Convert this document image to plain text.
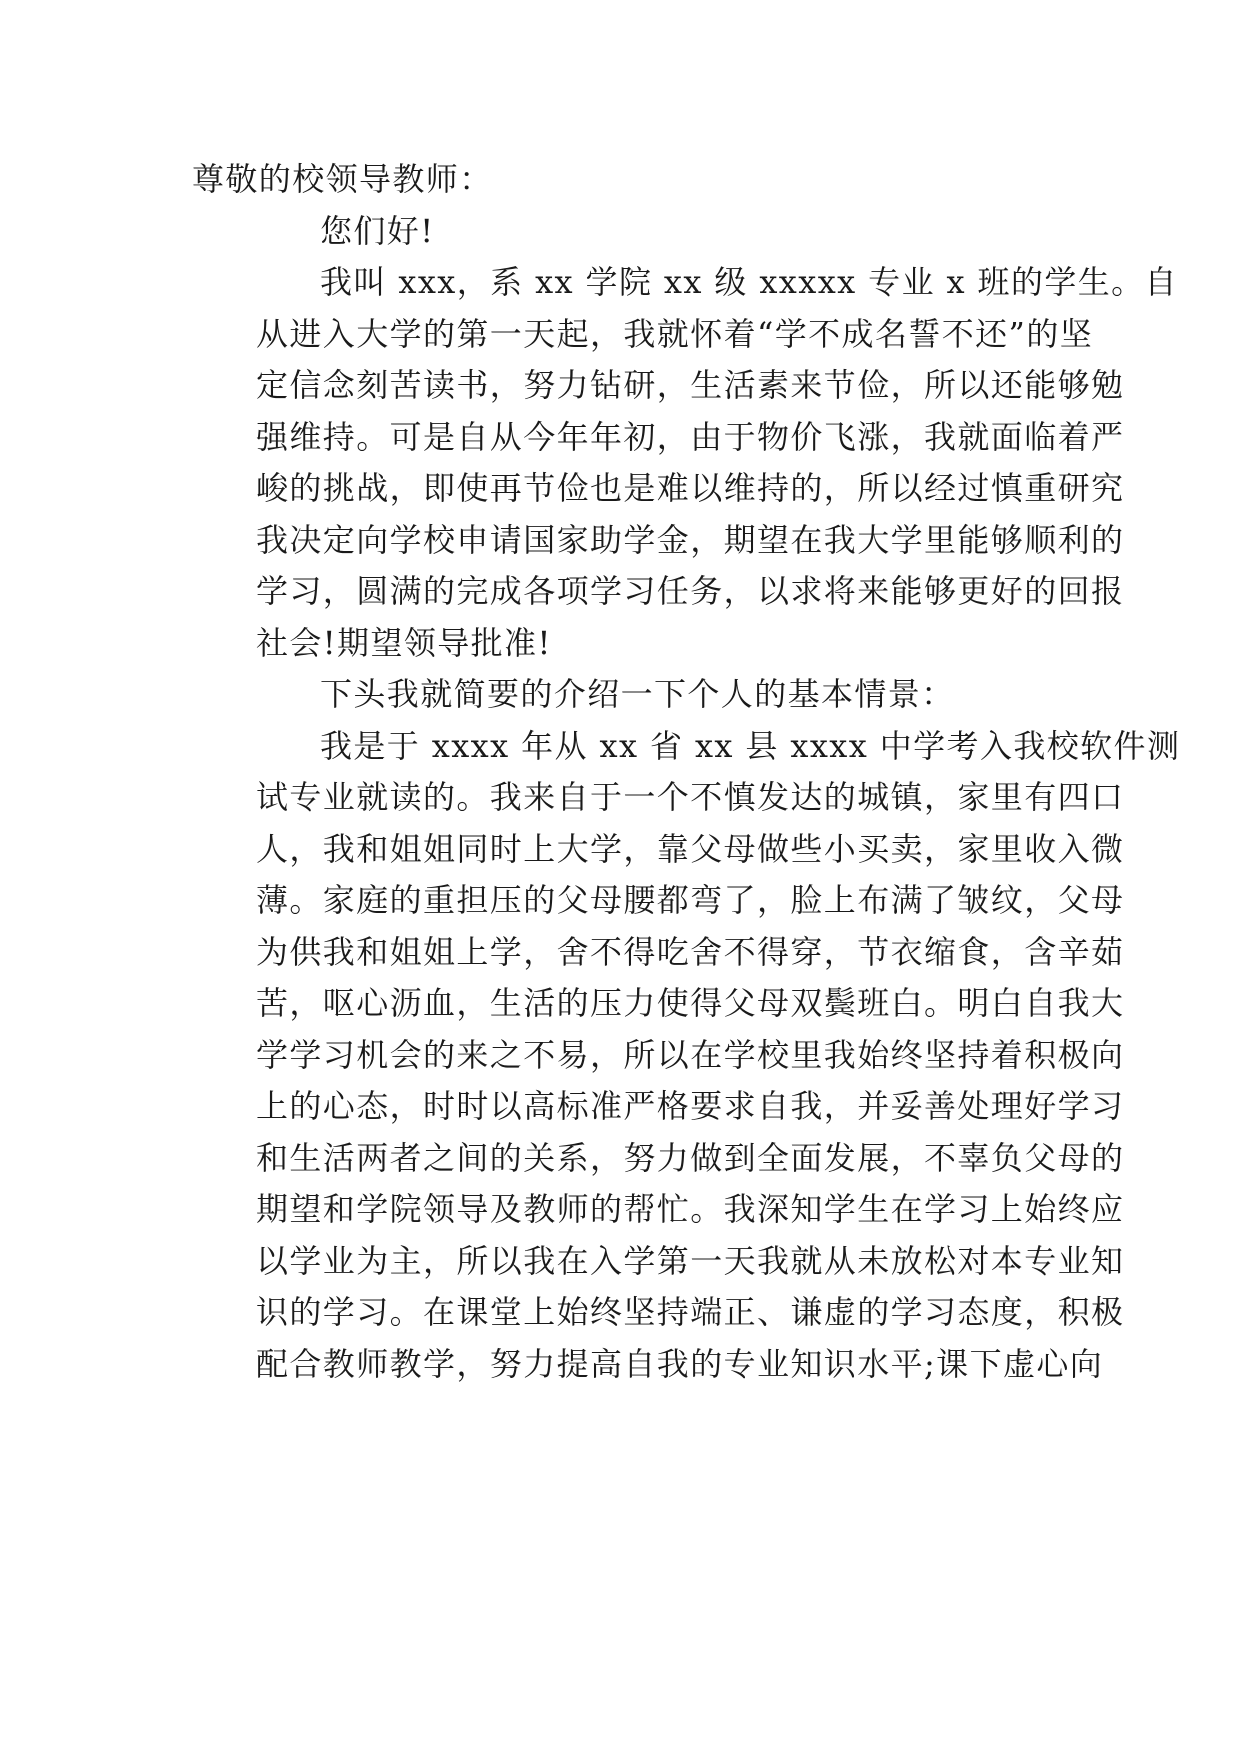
尊敬的校领导教师：

您们好!
我叫 xxx，系 xx 学院 xx 级 xxxxx 专业 x 班的学生。自
从进入大学的第一天起，我就怀着“学不成名誓不还”的坚
定信念刻苦读书，努力钻研，生活素来节俭，所以还能够勉
强维持。可是自从今年年初，由于物价飞涨，我就面临着严
峻的挑战，即使再节俭也是难以维持的，所以经过慎重研究
我决定向学校申请国家助学金，期望在我大学里能够顺利的
学习，圆满的完成各项学习任务，以求将来能够更好的回报
社会!期望领导批准!
下头我就简要的介绍一下个人的基本情景：
我是于 xxxx 年从 xx 省 xx 县 xxxx 中学考入我校软件测
试专业就读的。我来自于一个不慎发达的城镇，家里有四口
人，我和姐姐同时上大学，靠父母做些小买卖，家里收入微
薄。家庭的重担压的父母腰都弯了，脸上布满了皱纹，父母
为供我和姐姐上学，舍不得吃舍不得穿，节衣缩食，含辛茹
苦，呕心沥血，生活的压力使得父母双鬓班白。明白自我大
学学习机会的来之不易，所以在学校里我始终坚持着积极向
上的心态，时时以高标准严格要求自我，并妥善处理好学习
和生活两者之间的关系，努力做到全面发展，不辜负父母的
期望和学院领导及教师的帮忙。我深知学生在学习上始终应
以学业为主，所以我在入学第一天我就从未放松对本专业知
识的学习。在课堂上始终坚持端正、谦虚的学习态度，积极
配合教师教学，努力提高自我的专业知识水平;课下虚心向
